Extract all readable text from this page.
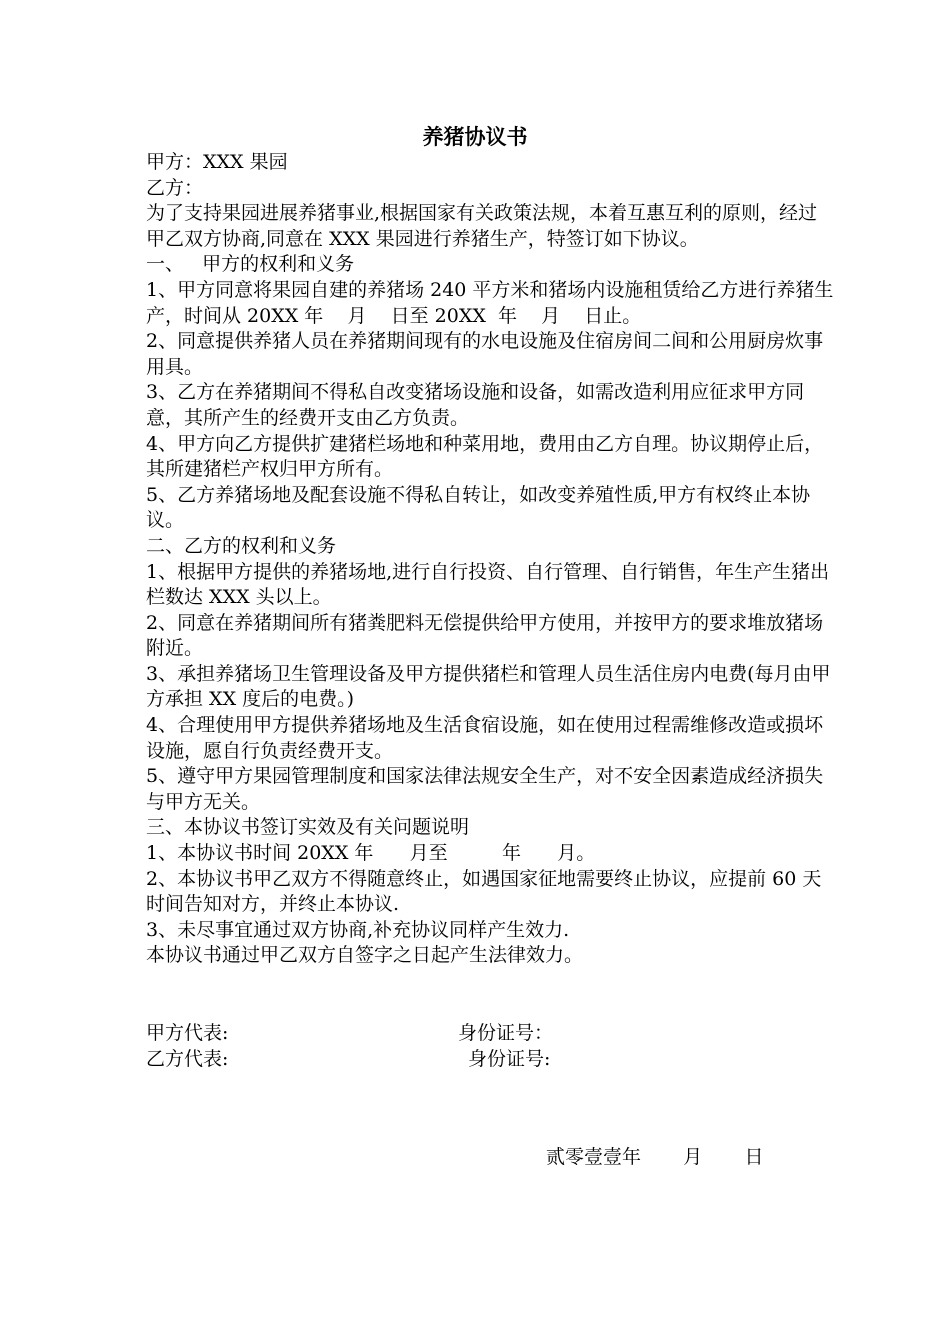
养猪协议书

甲方：XXX 果园

乙方：

为了支持果园进展养猪事业,根据国家有关政策法规，本着互惠互利的原则，经过甲乙双方协商,同意在 XXX 果园进行养猪生产，特签订如下协议。

一、   甲方的权利和义务

1、甲方同意将果园自建的养猪场 240 平方米和猪场内设施租赁给乙方进行养猪生产，时间从 20XX 年    月    日至 20XX  年    月    日止。

2、同意提供养猪人员在养猪期间现有的水电设施及住宿房间二间和公用厨房炊事用具。

3、乙方在养猪期间不得私自改变猪场设施和设备，如需改造利用应征求甲方同意，其所产生的经费开支由乙方负责。

4、甲方向乙方提供扩建猪栏场地和种菜用地，费用由乙方自理。协议期停止后，其所建猪栏产权归甲方所有。

5、乙方养猪场地及配套设施不得私自转让，如改变养殖性质,甲方有权终止本协议。

二、乙方的权利和义务

1、根据甲方提供的养猪场地,进行自行投资、自行管理、自行销售，年生产生猪出栏数达 XXX 头以上。

2、同意在养猪期间所有猪粪肥料无偿提供给甲方使用，并按甲方的要求堆放猪场附近。

3、承担养猪场卫生管理设备及甲方提供猪栏和管理人员生活住房内电费(每月由甲方承担 XX 度后的电费。)

4、合理使用甲方提供养猪场地及生活食宿设施，如在使用过程需维修改造或损坏设施，愿自行负责经费开支。

5、遵守甲方果园管理制度和国家法律法规安全生产，对不安全因素造成经济损失与甲方无关。

三、本协议书签订实效及有关问题说明

1、本协议书时间 20XX 年      月至         年      月。

2、本协议书甲乙双方不得随意终止，如遇国家征地需要终止协议，应提前 60 天时间告知对方，并终止本协议.

3、未尽事宜通过双方协商,补充协议同样产生效力.

本协议书通过甲乙双方自签字之日起产生法律效力。

甲方代表:	身份证号：
乙方代表:	身份证号:
贰零壹壹年       月       日
